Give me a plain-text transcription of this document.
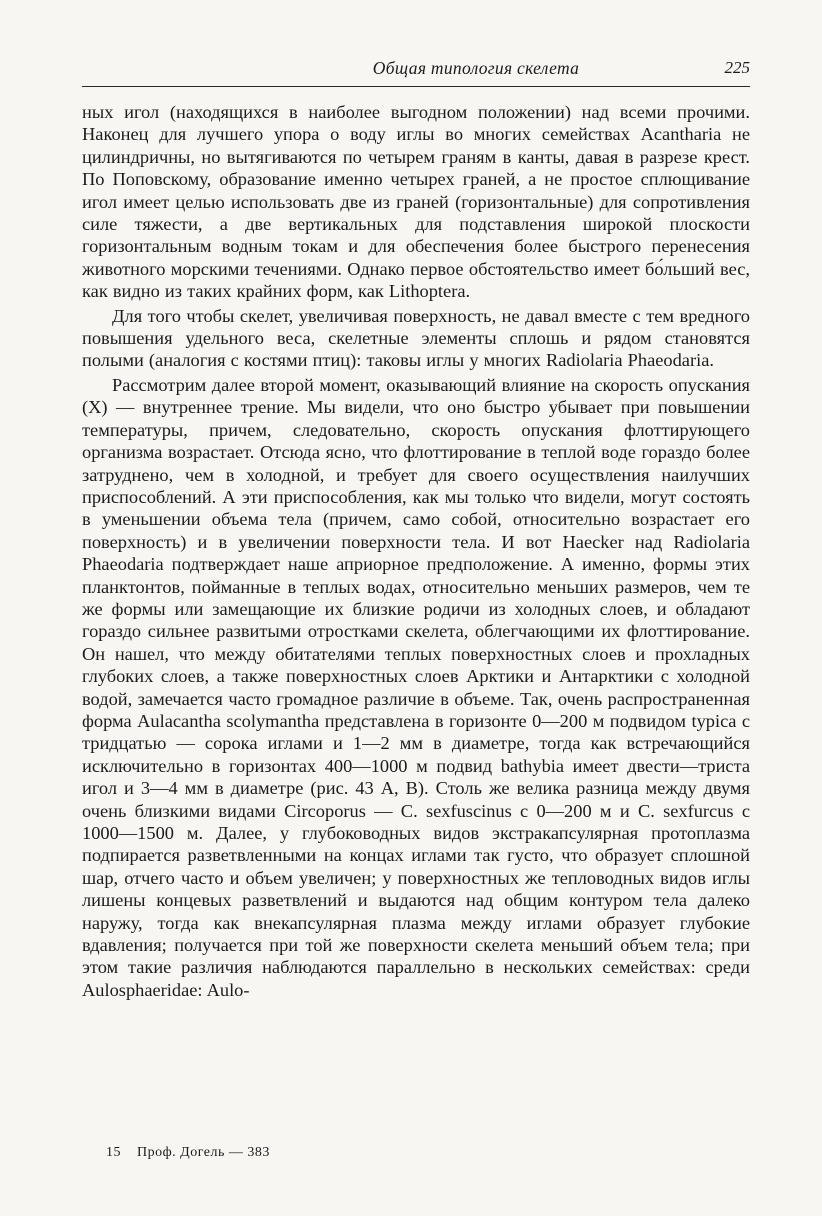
Общая типология скелета	225

ных игол (находящихся в наиболее выгодном положении) над всеми прочими. Наконец для лучшего упора о воду иглы во многих семействах Acantharia не цилиндричны, но вытягиваются по четырем граням в канты, давая в разрезе крест. По Поповскому, образование именно четырех граней, а не простое сплющивание игол имеет целью использовать две из граней (горизонтальные) для сопротивления силе тяжести, а две вертикальных для подставления широкой плоскости горизонтальным водным токам и для обеспечения более быстрого перенесения животного морскими течениями. Однако первое обстоятельство имеет бо́льший вес, как видно из таких крайних форм, как Lithoptera.

Для того чтобы скелет, увеличивая поверхность, не давал вместе с тем вредного повышения удельного веса, скелетные элементы сплошь и рядом становятся полыми (аналогия с костями птиц): таковы иглы у многих Radiolaria Phaeodaria.

Рассмотрим далее второй момент, оказывающий влияние на скорость опускания (X) — внутреннее трение. Мы видели, что оно быстро убывает при повышении температуры, причем, следовательно, скорость опускания флоттирующего организма возрастает. Отсюда ясно, что флоттирование в теплой воде гораздо более затруднено, чем в холодной, и требует для своего осуществления наилучших приспособлений. А эти приспособления, как мы только что видели, могут состоять в уменьшении объема тела (причем, само собой, относительно возрастает его поверхность) и в увеличении поверхности тела. И вот Haecker над Radiolaria Phaeodaria подтверждает наше априорное предположение. А именно, формы этих планктонтов, пойманные в теплых водах, относительно меньших размеров, чем те же формы или замещающие их близкие родичи из холодных слоев, и обладают гораздо сильнее развитыми отростками скелета, облегчающими их флоттирование. Он нашел, что между обитателями теплых поверхностных слоев и прохладных глубоких слоев, а также поверхностных слоев Арктики и Антарктики с холодной водой, замечается часто громадное различие в объеме. Так, очень распространенная форма Aulacantha scolymantha представлена в горизонте 0—200 м подвидом typica с тридцатью — сорока иглами и 1—2 мм в диаметре, тогда как встречающийся исключительно в горизонтах 400—1000 м подвид bathybia имеет двести—триста игол и 3—4 мм в диаметре (рис. 43 A, B). Столь же велика разница между двумя очень близкими видами Circoporus — C. sexfuscinus с 0—200 м и C. sexfurcus с 1000—1500 м. Далее, у глубоководных видов экстракапсулярная протоплазма подпирается разветвленными на концах иглами так густо, что образует сплошной шар, отчего часто и объем увеличен; у поверхностных же тепловодных видов иглы лишены концевых разветвлений и выдаются над общим контуром тела далеко наружу, тогда как внекапсулярная плазма между иглами образует глубокие вдавления; получается при той же поверхности скелета меньший объем тела; при этом такие различия наблюдаются параллельно в нескольких семействах: среди Aulosphaeridae: Aulo-

15 Проф. Догель — 383
